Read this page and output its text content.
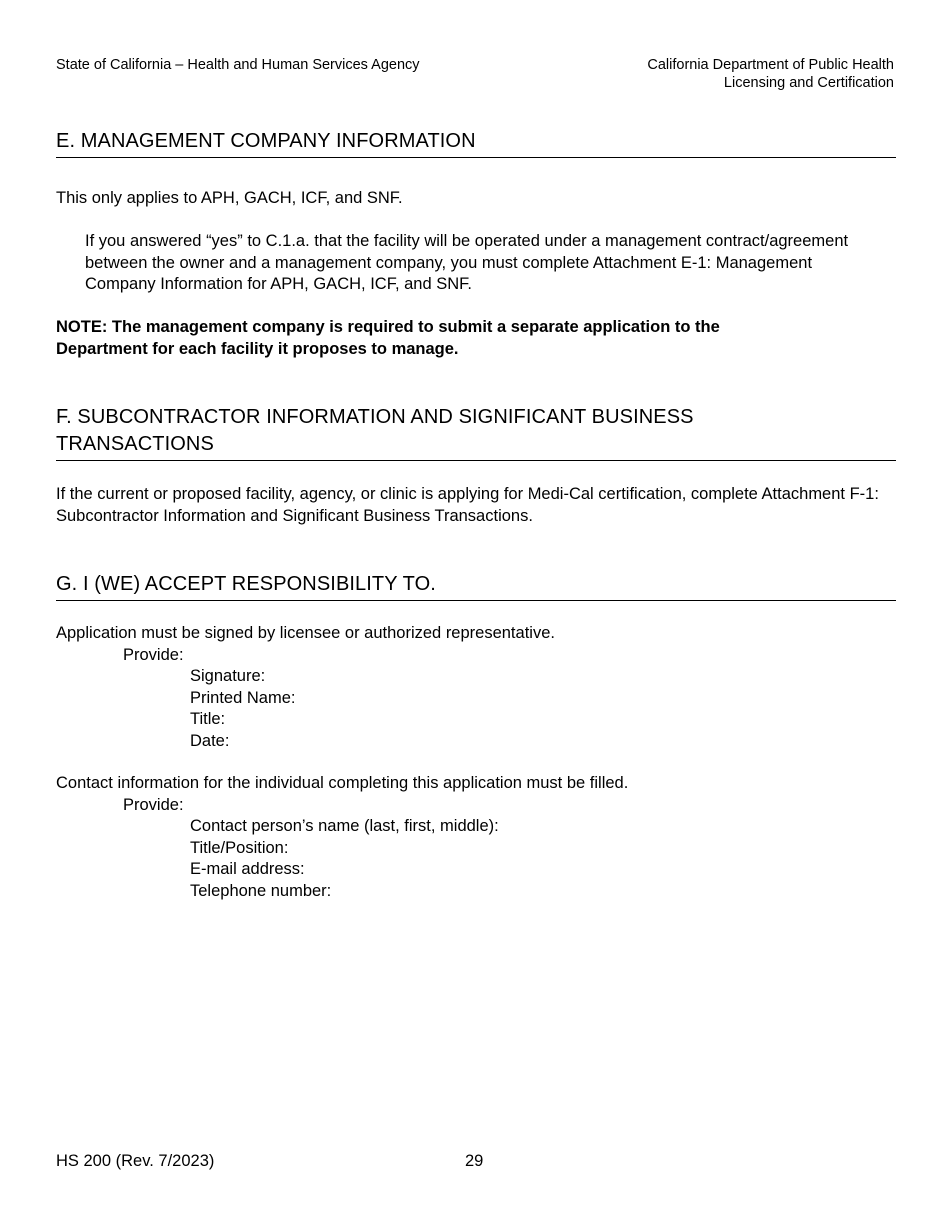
State of California – Health and Human Services Agency	California Department of Public Health
Licensing and Certification
E. MANAGEMENT COMPANY INFORMATION
This only applies to APH, GACH, ICF, and SNF.
If you answered “yes” to C.1.a. that the facility will be operated under a management contract/agreement between the owner and a management company, you must complete Attachment E-1: Management Company Information for APH, GACH, ICF, and SNF.
NOTE: The management company is required to submit a separate application to the Department for each facility it proposes to manage.
F. SUBCONTRACTOR INFORMATION AND SIGNIFICANT BUSINESS TRANSACTIONS
If the current or proposed facility, agency, or clinic is applying for Medi-Cal certification, complete Attachment F-1: Subcontractor Information and Significant Business Transactions.
G. I (WE) ACCEPT RESPONSIBILITY TO.
Application must be signed by licensee or authorized representative.
Provide:
Signature:
Printed Name:
Title:
Date:
Contact information for the individual completing this application must be filled.
Provide:
Contact person’s name (last, first, middle):
Title/Position:
E-mail address:
Telephone number:
HS 200 (Rev. 7/2023)	29
